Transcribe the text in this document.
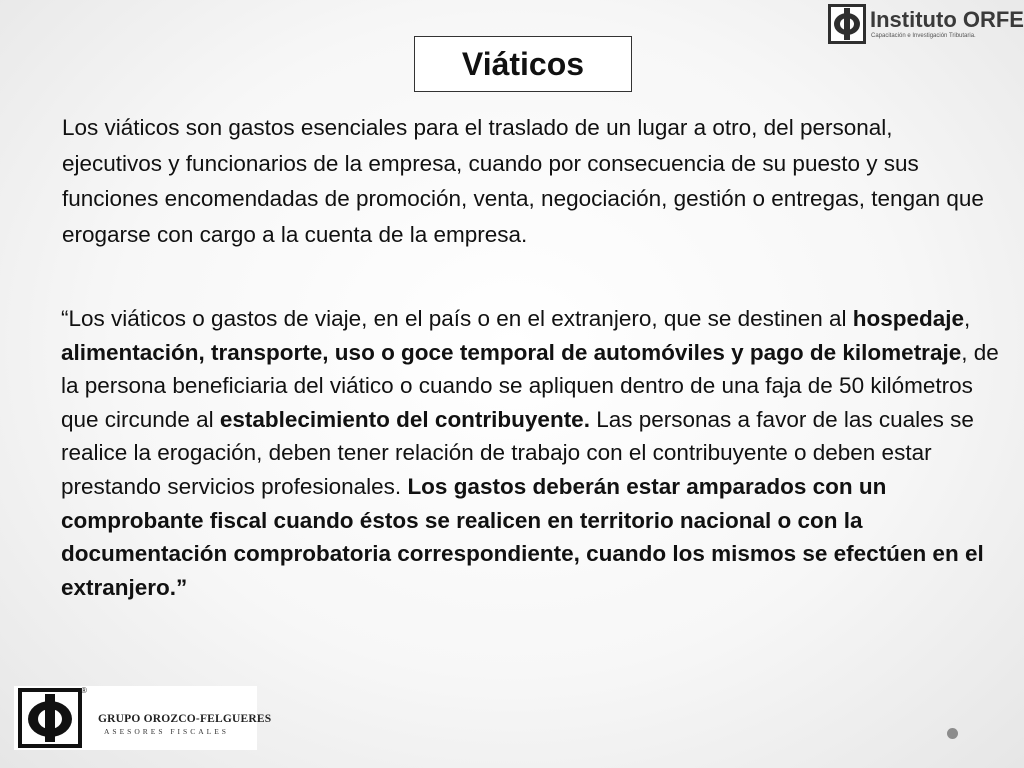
Instituto ORFE
Capacitación e Investigación Tributaria.
Viáticos
Los viáticos son gastos esenciales para el traslado de un lugar a otro, del personal, ejecutivos y funcionarios de la empresa, cuando por consecuencia de su puesto y sus funciones encomendadas de promoción, venta, negociación, gestión o entregas, tengan que erogarse con cargo a la cuenta de la empresa.
“Los viáticos o gastos de viaje, en el país o en el extranjero, que se destinen al hospedaje, alimentación, transporte, uso o goce temporal de automóviles y pago de kilometraje, de la persona beneficiaria del viático o cuando se apliquen dentro de una faja de 50 kilómetros que circunde al establecimiento del contribuyente. Las personas a favor de las cuales se realice la erogación, deben tener relación de trabajo con el contribuyente o deben estar prestando servicios profesionales. Los gastos deberán estar amparados con un comprobante fiscal cuando éstos se realicen en territorio nacional o con la documentación comprobatoria correspondiente, cuando los mismos se efectúen en el extranjero.”
®
GRUPO OROZCO-FELGUERES
ASESORES FISCALES
